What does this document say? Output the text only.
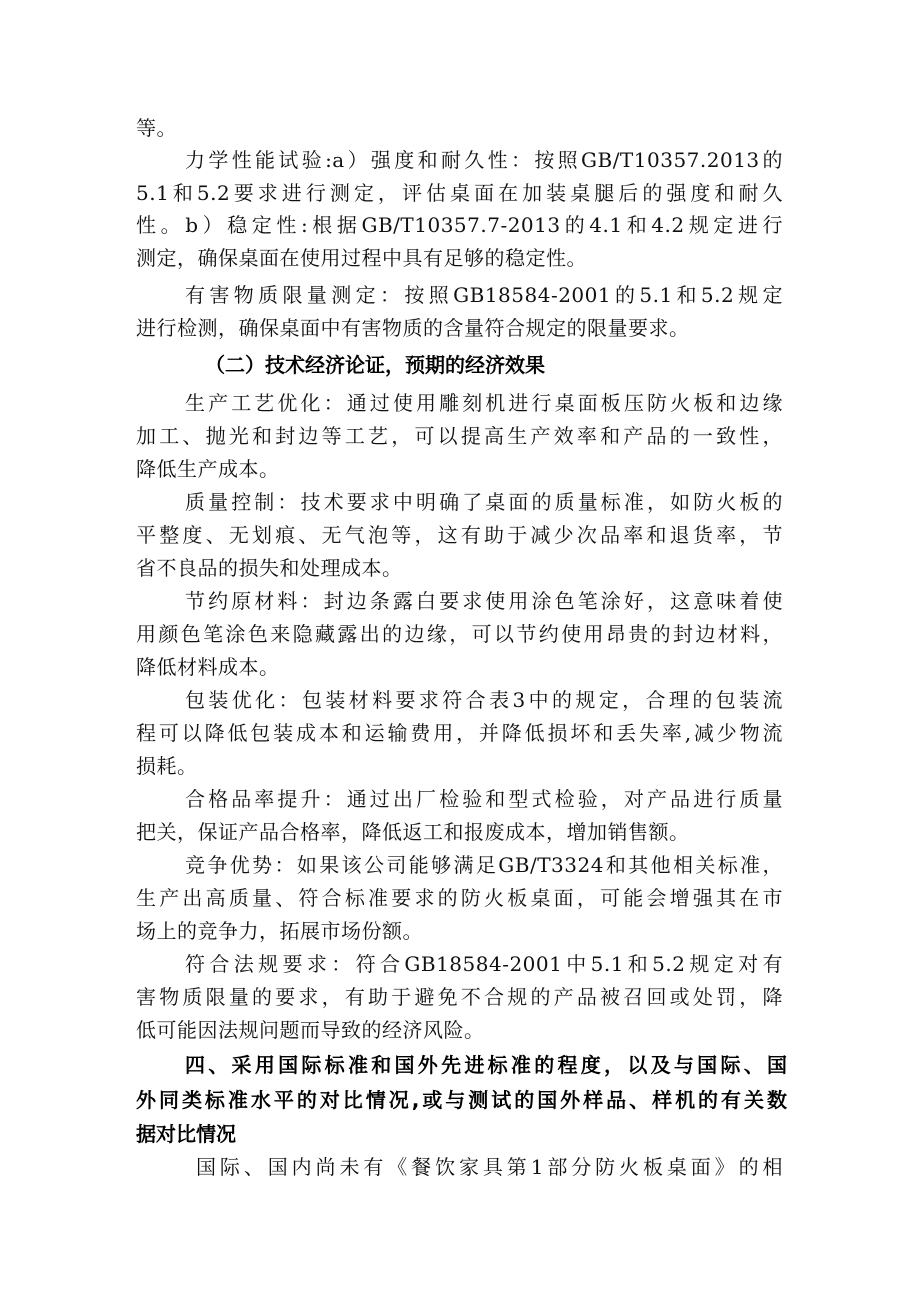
等。

力学性能试验:a）强度和耐久性：按照GB/T10357.2013的

5.1和5.2要求进行测定，评估桌面在加装桌腿后的强度和耐久

性。b）稳定性:根据GB/T10357.7-2013的4.1和4.2规定进行

测定，确保桌面在使用过程中具有足够的稳定性。

有害物质限量测定：按照GB18584-2001的5.1和5.2规定

进行检测，确保桌面中有害物质的含量符合规定的限量要求。

（二）技术经济论证，预期的经济效果

生产工艺优化：通过使用雕刻机进行桌面板压防火板和边缘

加工、抛光和封边等工艺，可以提高生产效率和产品的一致性，

降低生产成本。

质量控制：技术要求中明确了桌面的质量标准，如防火板的

平整度、无划痕、无气泡等，这有助于减少次品率和退货率，节

省不良品的损失和处理成本。

节约原材料：封边条露白要求使用涂色笔涂好，这意味着使

用颜色笔涂色来隐藏露出的边缘，可以节约使用昂贵的封边材料，

降低材料成本。

包装优化：包装材料要求符合表3中的规定，合理的包装流

程可以降低包装成本和运输费用，并降低损坏和丢失率,减少物流

损耗。

合格品率提升：通过出厂检验和型式检验，对产品进行质量

把关，保证产品合格率，降低返工和报废成本，增加销售额。

竞争优势：如果该公司能够满足GB/T3324和其他相关标准，

生产出高质量、符合标准要求的防火板桌面，可能会增强其在市

场上的竞争力，拓展市场份额。

符合法规要求：符合GB18584-2001中5.1和5.2规定对有

害物质限量的要求，有助于避免不合规的产品被召回或处罚，降

低可能因法规问题而导致的经济风险。

四、采用国际标准和国外先进标准的程度，以及与国际、国
外同类标准水平的对比情况,或与测试的国外样品、样机的有关数
据对比情况

国际、国内尚未有《餐饮家具第1部分防火板桌面》的相
